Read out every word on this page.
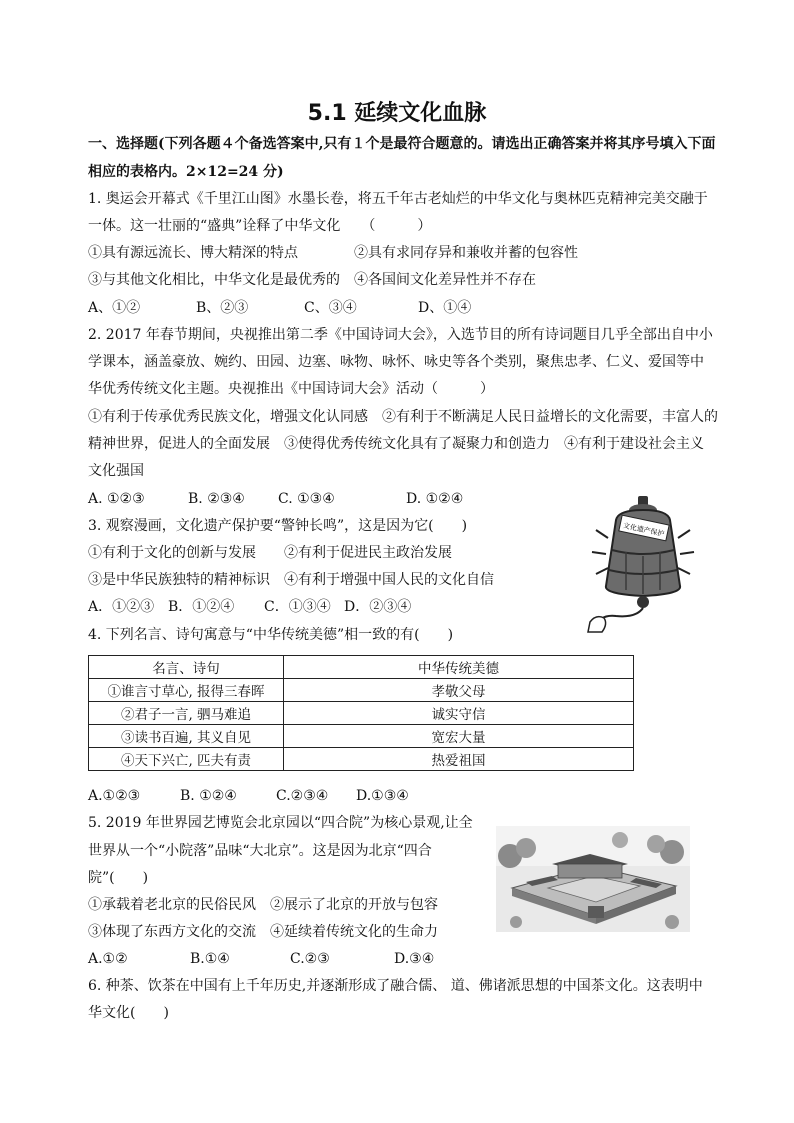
5.1 延续文化血脉
一、选择题(下列各题４个备选答案中,只有１个是最符合题意的。请选出正确答案并将其序号填入下面
相应的表格内。2×12=24 分)
1. 奥运会开幕式《千里江山图》水墨长卷，将五千年古老灿烂的中华文化与奥林匹克精神完美交融于
一体。这一壮丽的“盛典”诠释了中华文化　　（　　　）
①具有源远流长、博大精深的特点　　　　②具有求同存异和兼收并蓄的包容性
③与其他文化相比，中华文化是最优秀的　④各国间文化差异性并不存在
A、①②	B、②③	C、③④	D、①④
2. 2017 年春节期间，央视推出第二季《中国诗词大会》，入选节目的所有诗词题目几乎全部出自中小
学课本，涵盖豪放、婉约、田园、边塞、咏物、咏怀、咏史等各个类别，聚焦忠孝、仁义、爱国等中
华优秀传统文化主题。央视推出《中国诗词大会》活动（　　　）
①有利于传承优秀民族文化，增强文化认同感　②有利于不断满足人民日益增长的文化需要，丰富人的
精神世界，促进人的全面发展　③使得优秀传统文化具有了凝聚力和创造力　④有利于建设社会主义
文化强国
A. ①②③	B. ②③④ C. ①③④	D. ①②④
3. 观察漫画，文化遗产保护要“警钟长鸣”，这是因为它(　　)
①有利于文化的创新与发展　　②有利于促进民主政治发展
③是中华民族独特的精神标识　④有利于增强中国人民的文化自信
A．①②③ B．①②④ C．①③④ D．②③④
文化遗产保护
4. 下列名言、诗句寓意与“中华传统美德”相一致的有(　　)
名言、诗句	中华传统美德
①谁言寸草心, 报得三春晖	孝敬父母
②君子一言, 驷马难追	诚实守信
③读书百遍, 其义自见	宽宏大量
④天下兴亡, 匹夫有责	热爱祖国
A.①②③	B. ①②④	C.②③④ D.①③④
5. 2019 年世界园艺博览会北京园以“四合院”为核心景观,让全
世界从一个“小院落”品味“大北京”。这是因为北京“四合
院”(　　)
①承载着老北京的民俗民风　②展示了北京的开放与包容
③体现了东西方文化的交流　④延续着传统文化的生命力
A.①②	B.①④	C.②③	D.③④
6. 种茶、饮茶在中国有上千年历史,并逐渐形成了融合儒、 道、佛诸派思想的中国茶文化。这表明中
华文化(　　)
